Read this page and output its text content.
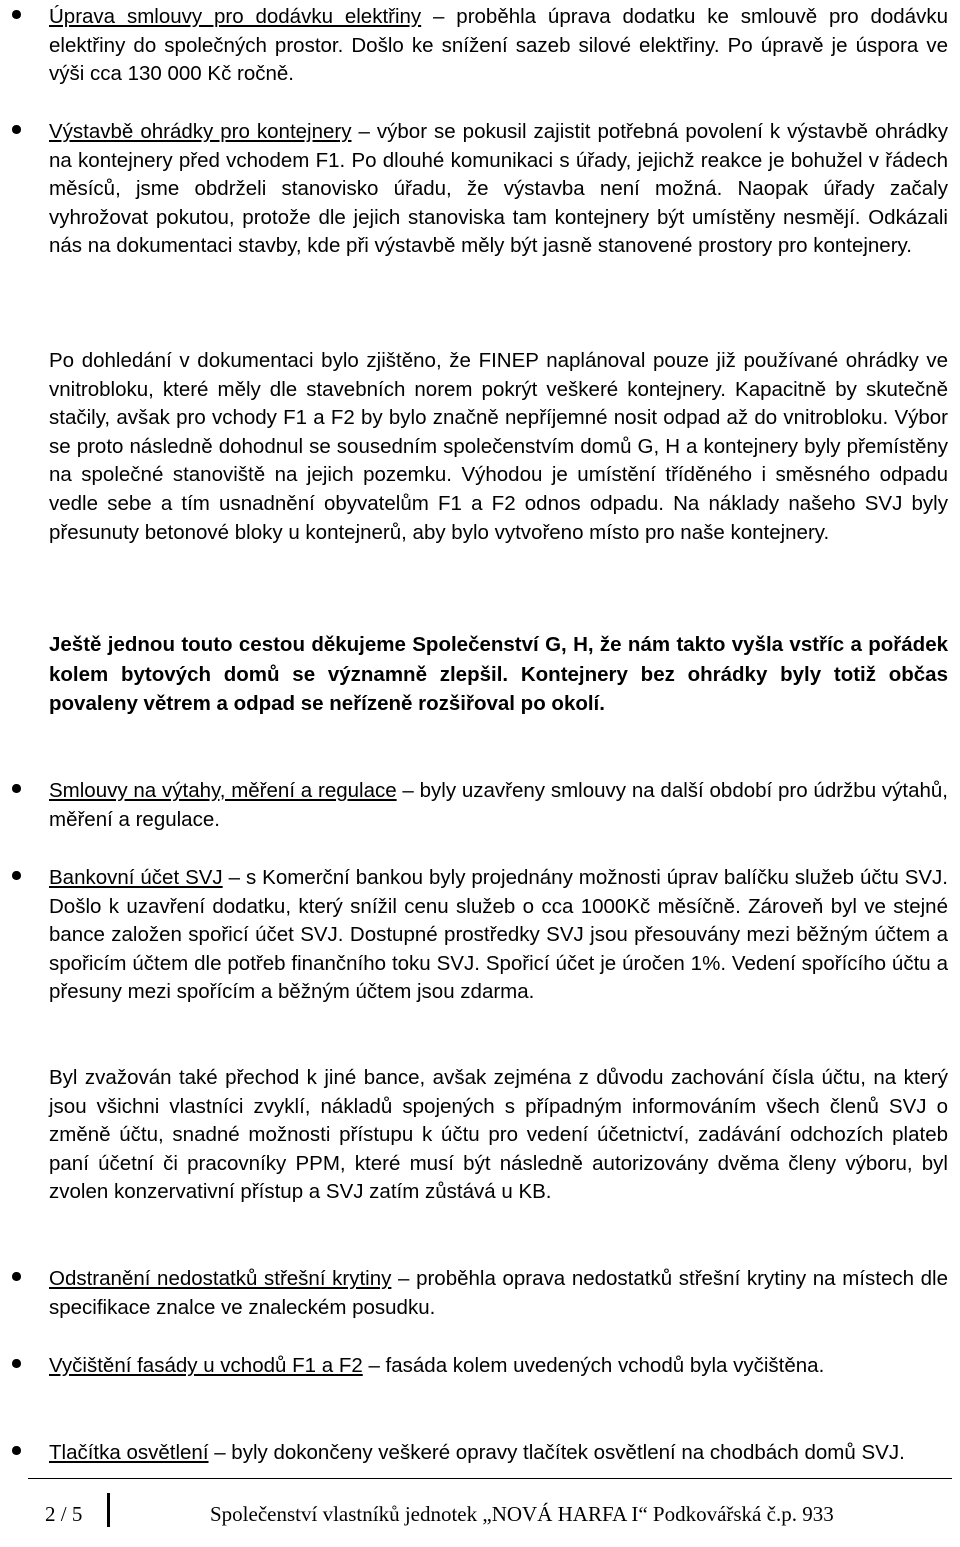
Úprava smlouvy pro dodávku elektřiny – proběhla úprava dodatku ke smlouvě pro dodávku elektřiny do společných prostor. Došlo ke snížení sazeb silové elektřiny. Po úpravě je úspora ve výši cca 130 000 Kč ročně.
Výstavbě ohrádky pro kontejnery – výbor se pokusil zajistit potřebná povolení k výstavbě ohrádky na kontejnery před vchodem F1. Po dlouhé komunikaci s úřady, jejichž reakce je bohužel v řádech měsíců, jsme obdrželi stanovisko úřadu, že výstavba není možná. Naopak úřady začaly vyhrožovat pokutou, protože dle jejich stanoviska tam kontejnery být umístěny nesmějí. Odkázali nás na dokumentaci stavby, kde při výstavbě měly být jasně stanovené prostory pro kontejnery.

Po dohledání v dokumentaci bylo zjištěno, že FINEP naplánoval pouze již používané ohrádky ve vnitrobloku, které měly dle stavebních norem pokrýt veškeré kontejnery. Kapacitně by skutečně stačily, avšak pro vchody F1 a F2 by bylo značně nepříjemné nosit odpad až do vnitrobloku. Výbor se proto následně dohodnul se sousedním společenstvím domů G, H a kontejnery byly přemístěny na společné stanoviště na jejich pozemku. Výhodou je umístění tříděného i směsného odpadu vedle sebe a tím usnadnění obyvatelům F1 a F2 odnos odpadu. Na náklady našeho SVJ byly přesunuty betonové bloky u kontejnerů, aby bylo vytvořeno místo pro naše kontejnery.

Ještě jednou touto cestou děkujeme Společenství G, H, že nám takto vyšla vstříc a pořádek kolem bytových domů se významně zlepšil. Kontejnery bez ohrádky byly totiž občas povaleny větrem a odpad se neřízeně rozšiřoval po okolí.

Smlouvy na výtahy, měření a regulace – byly uzavřeny smlouvy na další období pro údržbu výtahů, měření a regulace.
Bankovní účet SVJ – s Komerční bankou byly projednány možnosti úprav balíčku služeb účtu SVJ. Došlo k uzavření dodatku, který snížil cenu služeb o cca 1000Kč měsíčně. Zároveň byl ve stejné bance založen spořicí účet SVJ. Dostupné prostředky SVJ jsou přesouvány mezi běžným účtem a spořicím účtem dle potřeb finančního toku SVJ. Spořicí účet je úročen 1%. Vedení spořícího účtu a přesuny mezi spořícím a běžným účtem jsou zdarma.

Byl zvažován také přechod k jiné bance, avšak zejména z důvodu zachování čísla účtu, na který jsou všichni vlastníci zvyklí, nákladů spojených s případným informováním všech členů SVJ o změně účtu, snadné možnosti přístupu k účtu pro vedení účetnictví, zadávání odchozích plateb paní účetní či pracovníky PPM, které musí být následně autorizovány dvěma členy výboru, byl zvolen konzervativní přístup a SVJ zatím zůstává u KB.

Odstranění nedostatků střešní krytiny – proběhla oprava nedostatků střešní krytiny na místech dle specifikace znalce ve znaleckém posudku.
Vyčištění fasády u vchodů F1 a F2 – fasáda kolem uvedených vchodů byla vyčištěna.
Tlačítka osvětlení – byly dokončeny veškeré opravy tlačítek osvětlení na chodbách domů SVJ.
2 / 5	Společenství vlastníků jednotek „NOVÁ HARFA I“ Podkovářská č.p. 933
